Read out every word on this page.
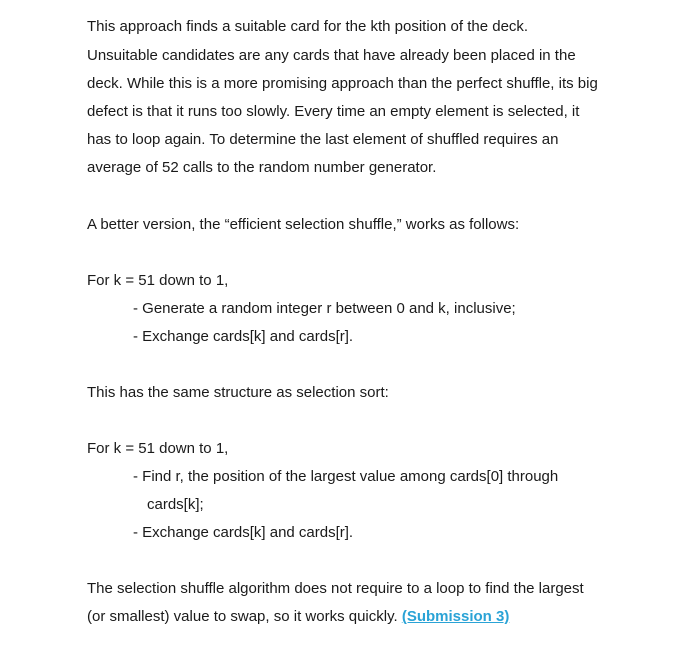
This approach finds a suitable card for the kth position of the deck.
Unsuitable candidates are any cards that have already been placed in the
deck. While this is a more promising approach than the perfect shuffle, its big
defect is that it runs too slowly. Every time an empty element is selected, it
has to loop again. To determine the last element of shuffled requires an
average of 52 calls to the random number generator.
A better version, the “efficient selection shuffle,” works as follows:
For k = 51 down to 1,
- Generate a random integer r between 0 and k, inclusive;
- Exchange cards[k] and cards[r].
This has the same structure as selection sort:
For k = 51 down to 1,
- Find r, the position of the largest value among cards[0] through
cards[k];
- Exchange cards[k] and cards[r].
The selection shuffle algorithm does not require to a loop to find the largest
(or smallest) value to swap, so it works quickly. (Submission 3)
